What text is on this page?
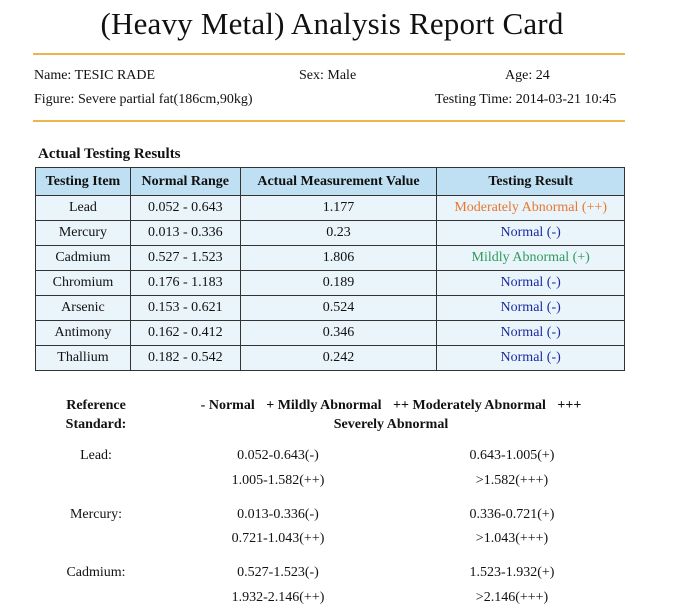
(Heavy Metal) Analysis Report Card
Name: TESIC RADE	Sex: Male	Age: 24
Figure: Severe partial fat(186cm,90kg)	Testing Time: 2014-03-21 10:45
Actual Testing Results
Testing Item	Normal Range	Actual Measurement Value	Testing Result
Lead	0.052 - 0.643	1.177	Moderately Abnormal (++)
Mercury	0.013 - 0.336	0.23	Normal (-)
Cadmium	0.527 - 1.523	1.806	Mildly Abnormal (+)
Chromium	0.176 - 1.183	0.189	Normal (-)
Arsenic	0.153 - 0.621	0.524	Normal (-)
Antimony	0.162 - 0.412	0.346	Normal (-)
Thallium	0.182 - 0.542	0.242	Normal (-)
Reference
Standard:
- Normal + Mildly Abnormal ++ Moderately Abnormal +++
Severely Abnormal
Lead:	0.052-0.643(-)	0.643-1.005(+)
1.005-1.582(++)	>1.582(+++)
Mercury:	0.013-0.336(-)	0.336-0.721(+)
0.721-1.043(++)	>1.043(+++)
Cadmium:	0.527-1.523(-)	1.523-1.932(+)
1.932-2.146(++)	>2.146(+++)
